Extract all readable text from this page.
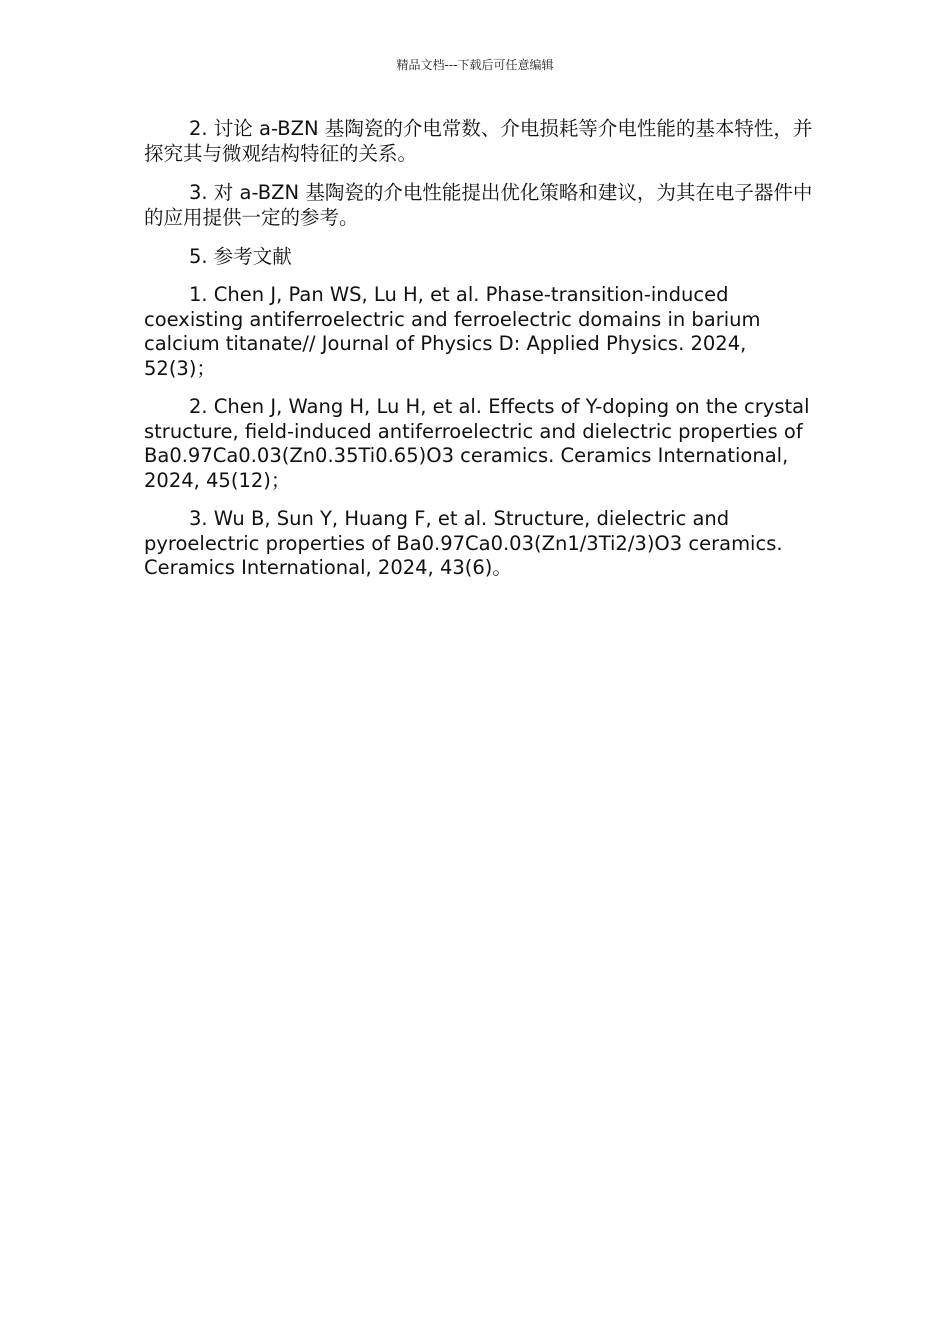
精品文档---下载后可任意编辑

2. 讨论 a-BZN 基陶瓷的介电常数、介电损耗等介电性能的基本特性，并探究其与微观结构特征的关系。

3. 对 a-BZN 基陶瓷的介电性能提出优化策略和建议，为其在电子器件中的应用提供一定的参考。

5. 参考文献

1. Chen J, Pan WS, Lu H, et al. Phase-transition-induced coexisting antiferroelectric and ferroelectric domains in barium calcium titanate// Journal of Physics D: Applied Physics. 2024, 52(3)；

2. Chen J, Wang H, Lu H, et al. Effects of Y-doping on the crystal structure, field-induced antiferroelectric and dielectric properties of Ba0.97Ca0.03(Zn0.35Ti0.65)O3 ceramics. Ceramics International, 2024, 45(12)；

3. Wu B, Sun Y, Huang F, et al. Structure, dielectric and pyroelectric properties of Ba0.97Ca0.03(Zn1/3Ti2/3)O3 ceramics. Ceramics International, 2024, 43(6)。
